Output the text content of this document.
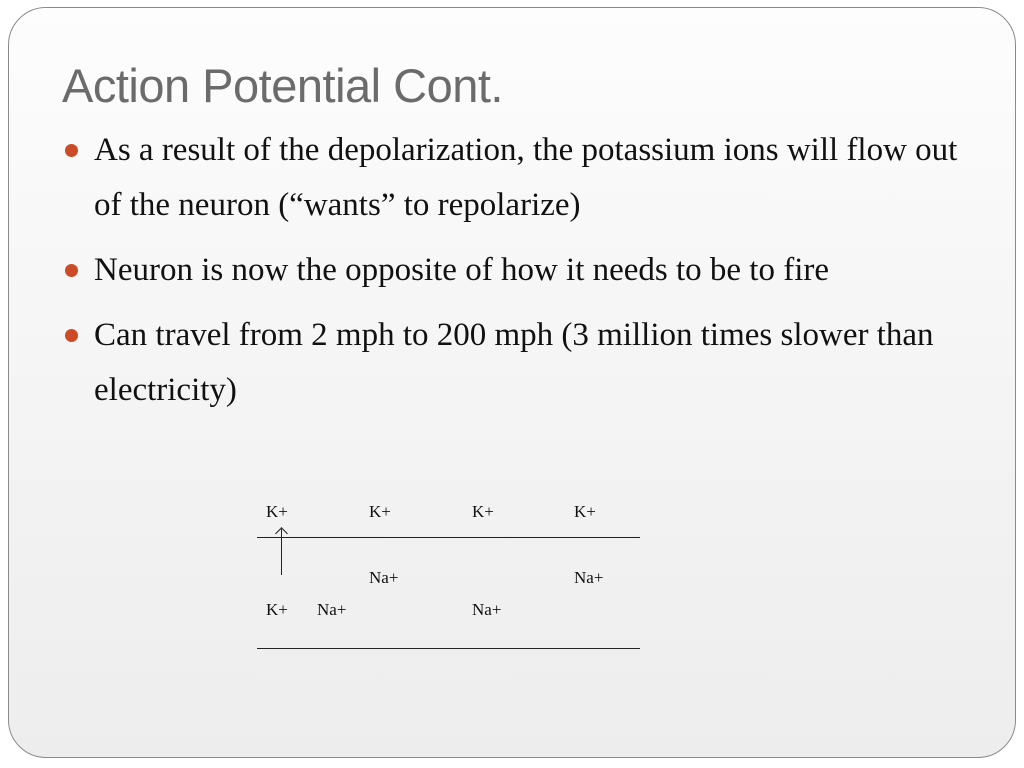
Action Potential Cont.
As a result of the depolarization, the potassium ions will flow out of the neuron (“wants” to repolarize)
Neuron is now the opposite of how it needs to be to fire
Can travel from 2 mph to 200 mph (3 million times slower than electricity)
K+	K+	K+	K+
Na+	Na+
K+ Na+	Na+
